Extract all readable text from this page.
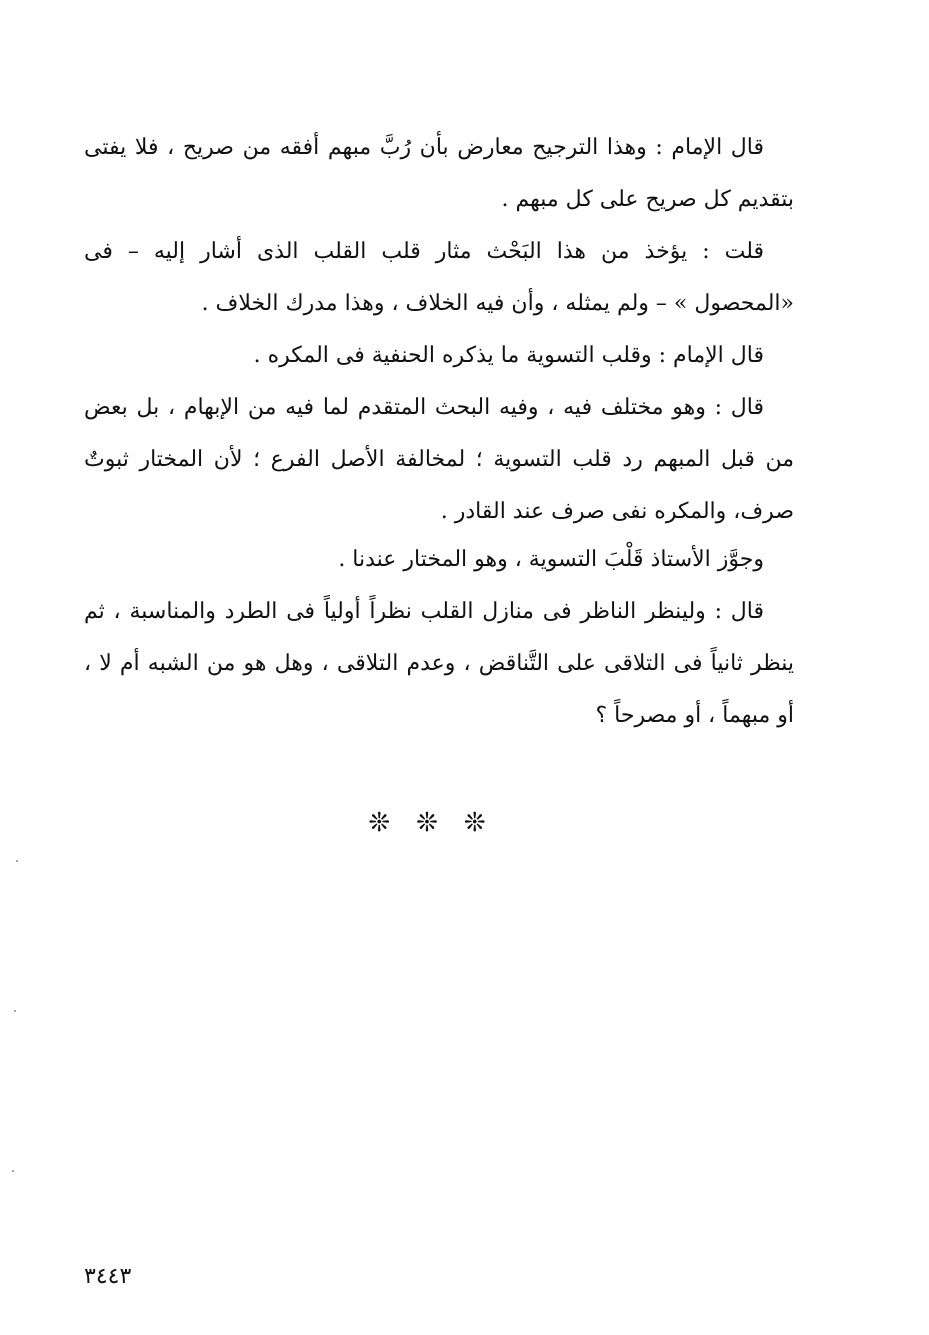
قال الإمام : وهذا الترجيح معارض بأن رُبَّ مبهم أفقه من صريح ، فلا يفتى بتقديم كل صريح على كل مبهم .

قلت : يؤخذ من هذا البَحْث مثار قلب القلب الذى أشار إليه – فى «المحصول » – ولم يمثله ، وأن فيه الخلاف ، وهذا مدرك الخلاف .

قال الإمام : وقلب التسوية ما يذكره الحنفية فى المكره .

قال : وهو مختلف فيه ، وفيه البحث المتقدم لما فيه من الإبهام ، بل بعض من قبل المبهم رد قلب التسوية ؛ لمخالفة الأصل الفرع ؛ لأن المختار ثبوتٌ صرف، والمكره نفى صرف عند القادر .

وجوَّز الأستاذ قَلْبَ التسوية ، وهو المختار عندنا .

قال : ولينظر الناظر فى منازل القلب نظراً أولياً فى الطرد والمناسبة ، ثم ينظر ثانياً فى التلاقى على التَّناقض ، وعدم التلاقى ، وهل هو من الشبه أم لا ، أو مبهماً ، أو مصرحاً ؟

❊❊❊
٣٤٤٣
